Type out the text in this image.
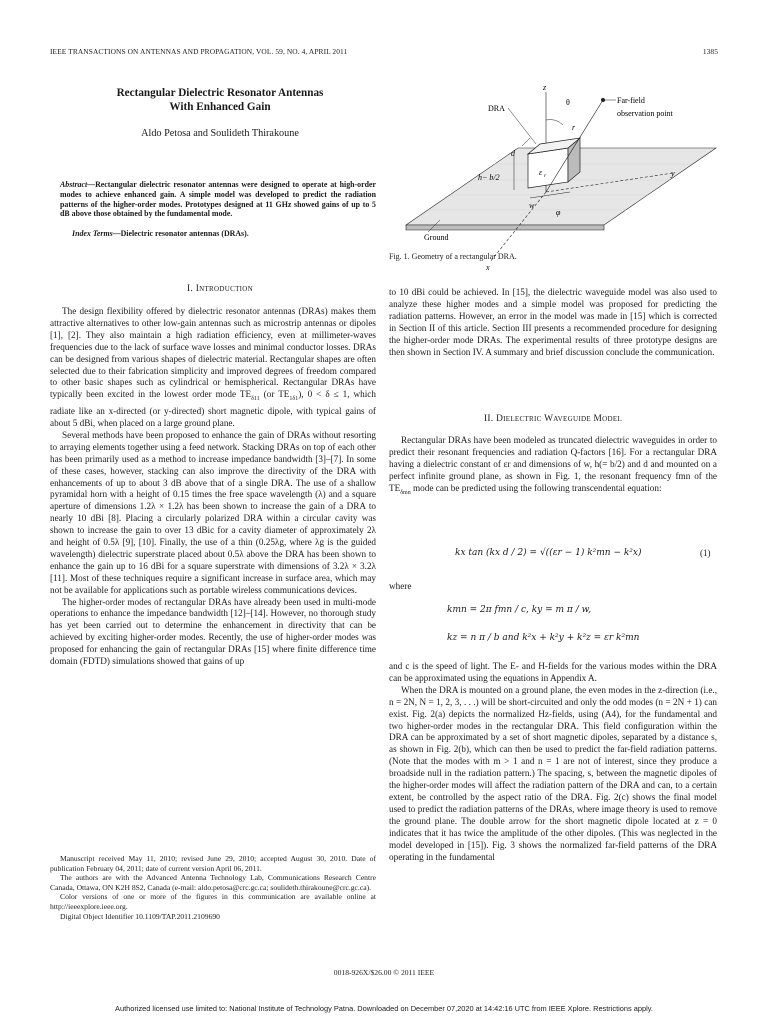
IEEE TRANSACTIONS ON ANTENNAS AND PROPAGATION, VOL. 59, NO. 4, APRIL 2011	1385
Rectangular Dielectric Resonator Antennas
With Enhanced Gain
Aldo Petosa and Soulideth Thirakoune
Abstract—Rectangular dielectric resonator antennas were designed to operate at high-order modes to achieve enhanced gain. A simple model was developed to predict the radiation patterns of the higher-order modes. Prototypes designed at 11 GHz showed gains of up to 5 dB above those obtained by the fundamental mode.
Index Terms—Dielectric resonator antennas (DRAs).
DRA
θ
z
Far-field
observation point
r
d
h− b/2
ε r
w
y
φ
Ground
x
Fig. 1. Geometry of a rectangular DRA.
I. Introduction

The design flexibility offered by dielectric resonator antennas (DRAs) makes them attractive alternatives to other low-gain antennas such as microstrip antennas or dipoles [1], [2]. They also maintain a high radiation efficiency, even at millimeter-waves frequencies due to the lack of surface wave losses and minimal conductor losses. DRAs can be designed from various shapes of dielectric material. Rectangular shapes are often selected due to their fabrication simplicity and improved degrees of freedom compared to other basic shapes such as cylindrical or hemispherical. Rectangular DRAs have typically been excited in the lowest order mode $TE_{\delta 11}$ (or $TE_{1\delta 1}$), 0 < δ ≤ 1, which radiate like an x-directed (or y-directed) short magnetic dipole, with typical gains of about 5 dBi, when placed on a large ground plane.

Several methods have been proposed to enhance the gain of DRAs without resorting to arraying elements together using a feed network. Stacking DRAs on top of each other has been primarily used as a method to increase impedance bandwidth [3]–[7]. In some of these cases, however, stacking can also improve the directivity of the DRA with enhancements of up to about 3 dB above that of a single DRA. The use of a shallow pyramidal horn with a height of 0.15 times the free space wavelength (λ) and a square aperture of dimensions 1.2λ × 1.2λ has been shown to increase the gain of a DRA to nearly 10 dBi [8]. Placing a circularly polarized DRA within a circular cavity was shown to increase the gain to over 13 dBic for a cavity diameter of approximately 2λ and height of 0.5λ [9], [10]. Finally, the use of a thin (0.25λg, where λg is the guided wavelength) dielectric superstrate placed about 0.5λ above the DRA has been shown to enhance the gain up to 16 dBi for a square superstrate with dimensions of 3.2λ × 3.2λ [11]. Most of these techniques require a significant increase in surface area, which may not be available for applications such as portable wireless communications devices.

The higher-order modes of rectangular DRAs have already been used in multi-mode operations to enhance the impedance bandwidth [12]–[14]. However, no thorough study has yet been carried out to determine the enhancement in directivity that can be achieved by exciting higher-order modes. Recently, the use of higher-order modes was proposed for enhancing the gain of rectangular DRAs [15] where finite difference time domain (FDTD) simulations showed that gains of up

Manuscript received May 11, 2010; revised June 29, 2010; accepted August 30, 2010. Date of publication February 04, 2011; date of current version April 06, 2011.

The authors are with the Advanced Antenna Technology Lab, Communications Research Centre Canada, Ottawa, ON K2H 8S2, Canada (e-mail: aldo.petosa@crc.gc.ca; soulideth.thirakoune@crc.gc.ca).

Color versions of one or more of the figures in this communication are available online at http://ieeexplore.ieee.org.

Digital Object Identifier 10.1109/TAP.2011.2109690

to 10 dBi could be achieved. In [15], the dielectric waveguide model was also used to analyze these higher modes and a simple model was proposed for predicting the radiation patterns. However, an error in the model was made in [15] which is corrected in Section II of this article. Section III presents a recommended procedure for designing the higher-order mode DRAs. The experimental results of three prototype designs are then shown in Section IV. A summary and brief discussion conclude the communication.

II. Dielectric Waveguide Model

Rectangular DRAs have been modeled as truncated dielectric waveguides in order to predict their resonant frequencies and radiation Q-factors [16]. For a rectangular DRA having a dielectric constant of εr and dimensions of w, h(= b/2) and d and mounted on a perfect infinite ground plane, as shown in Fig. 1, the resonant frequency fmn of the $TE_{\delta mn}$ mode can be predicted using the following transcendental equation:

kx tan (kx d / 2) = √((εr − 1) k²mn − k²x)	(1)
where
kmn = 2π fmn / c, ky = m π / w,
kz = n π / b and k²x + k²y + k²z = εr k²mn

and c is the speed of light. The E- and H-fields for the various modes within the DRA can be approximated using the equations in Appendix A.

When the DRA is mounted on a ground plane, the even modes in the z-direction (i.e., n = 2N, N = 1, 2, 3, . . .) will be short-circuited and only the odd modes (n = 2N + 1) can exist. Fig. 2(a) depicts the normalized Hz-fields, using (A4), for the fundamental and two higher-order modes in the rectangular DRA. This field configuration within the DRA can be approximated by a set of short magnetic dipoles, separated by a distance s, as shown in Fig. 2(b), which can then be used to predict the far-field radiation patterns. (Note that the modes with m > 1 and n = 1 are not of interest, since they produce a broadside null in the radiation pattern.) The spacing, s, between the magnetic dipoles of the higher-order modes will affect the radiation pattern of the DRA and can, to a certain extent, be controlled by the aspect ratio of the DRA. Fig. 2(c) shows the final model used to predict the radiation patterns of the DRAs, where image theory is used to remove the ground plane. The double arrow for the short magnetic dipole located at z = 0 indicates that it has twice the amplitude of the other dipoles. (This was neglected in the model developed in [15]). Fig. 3 shows the normalized far-field patterns of the DRA operating in the fundamental

0018-926X/$26.00 © 2011 IEEE
Authorized licensed use limited to: National Institute of Technology Patna. Downloaded on December 07,2020 at 14:42:16 UTC from IEEE Xplore. Restrictions apply.
